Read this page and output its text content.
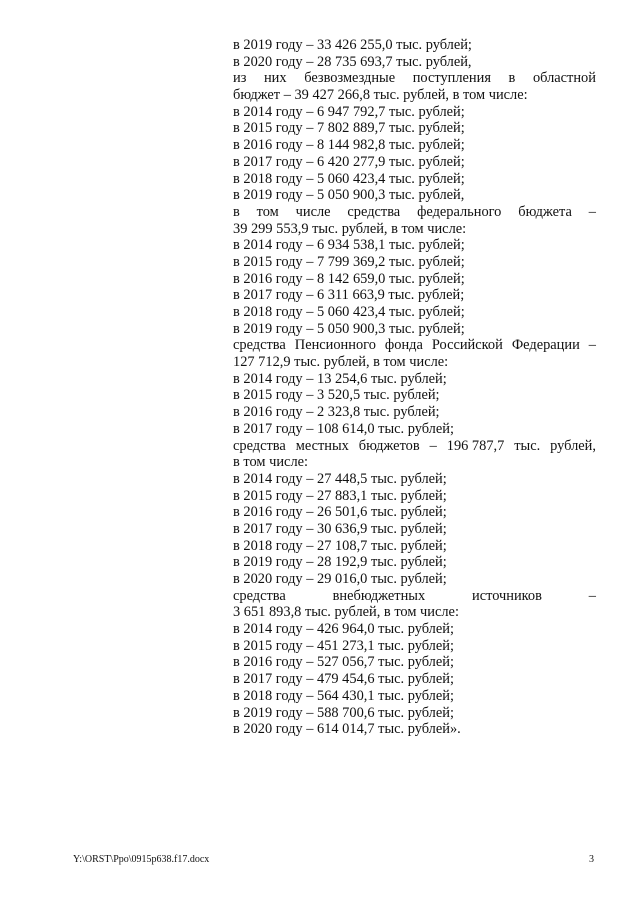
в 2019 году – 33 426 255,0 тыс. рублей;
в 2020 году – 28 735 693,7 тыс. рублей,
из них безвозмездные поступления в областной
бюджет – 39 427 266,8 тыс. рублей, в том числе:
в 2014 году – 6 947 792,7 тыс. рублей;
в 2015 году – 7 802 889,7 тыс. рублей;
в 2016 году – 8 144 982,8 тыс. рублей;
в 2017 году – 6 420 277,9 тыс. рублей;
в 2018 году – 5 060 423,4 тыс. рублей;
в 2019 году – 5 050 900,3 тыс. рублей,
в том числе средства федерального бюджета –
39 299 553,9 тыс. рублей, в том числе:
в 2014 году – 6 934 538,1 тыс. рублей;
в 2015 году – 7 799 369,2 тыс. рублей;
в 2016 году – 8 142 659,0 тыс. рублей;
в 2017 году – 6 311 663,9 тыс. рублей;
в 2018 году – 5 060 423,4 тыс. рублей;
в 2019 году – 5 050 900,3 тыс. рублей;
средства Пенсионного фонда Российской Федерации –
127 712,9 тыс. рублей, в том числе:
в 2014 году – 13 254,6 тыс. рублей;
в 2015 году – 3 520,5 тыс. рублей;
в 2016 году – 2 323,8 тыс. рублей;
в 2017 году – 108 614,0 тыс. рублей;
средства местных бюджетов – 196 787,7 тыс. рублей,
в том числе:
в 2014 году – 27 448,5 тыс. рублей;
в 2015 году – 27 883,1 тыс. рублей;
в 2016 году – 26 501,6 тыс. рублей;
в 2017 году – 30 636,9 тыс. рублей;
в 2018 году – 27 108,7 тыс. рублей;
в 2019 году – 28 192,9 тыс. рублей;
в 2020 году – 29 016,0 тыс. рублей;
средства	внебюджетных	источников	–
3 651 893,8 тыс. рублей, в том числе:
в 2014 году – 426 964,0 тыс. рублей;
в 2015 году – 451 273,1 тыс. рублей;
в 2016 году – 527 056,7 тыс. рублей;
в 2017 году – 479 454,6 тыс. рублей;
в 2018 году – 564 430,1 тыс. рублей;
в 2019 году – 588 700,6 тыс. рублей;
в 2020 году – 614 014,7 тыс. рублей».
Y:\ORST\Ppo\0915p638.f17.docx	3
